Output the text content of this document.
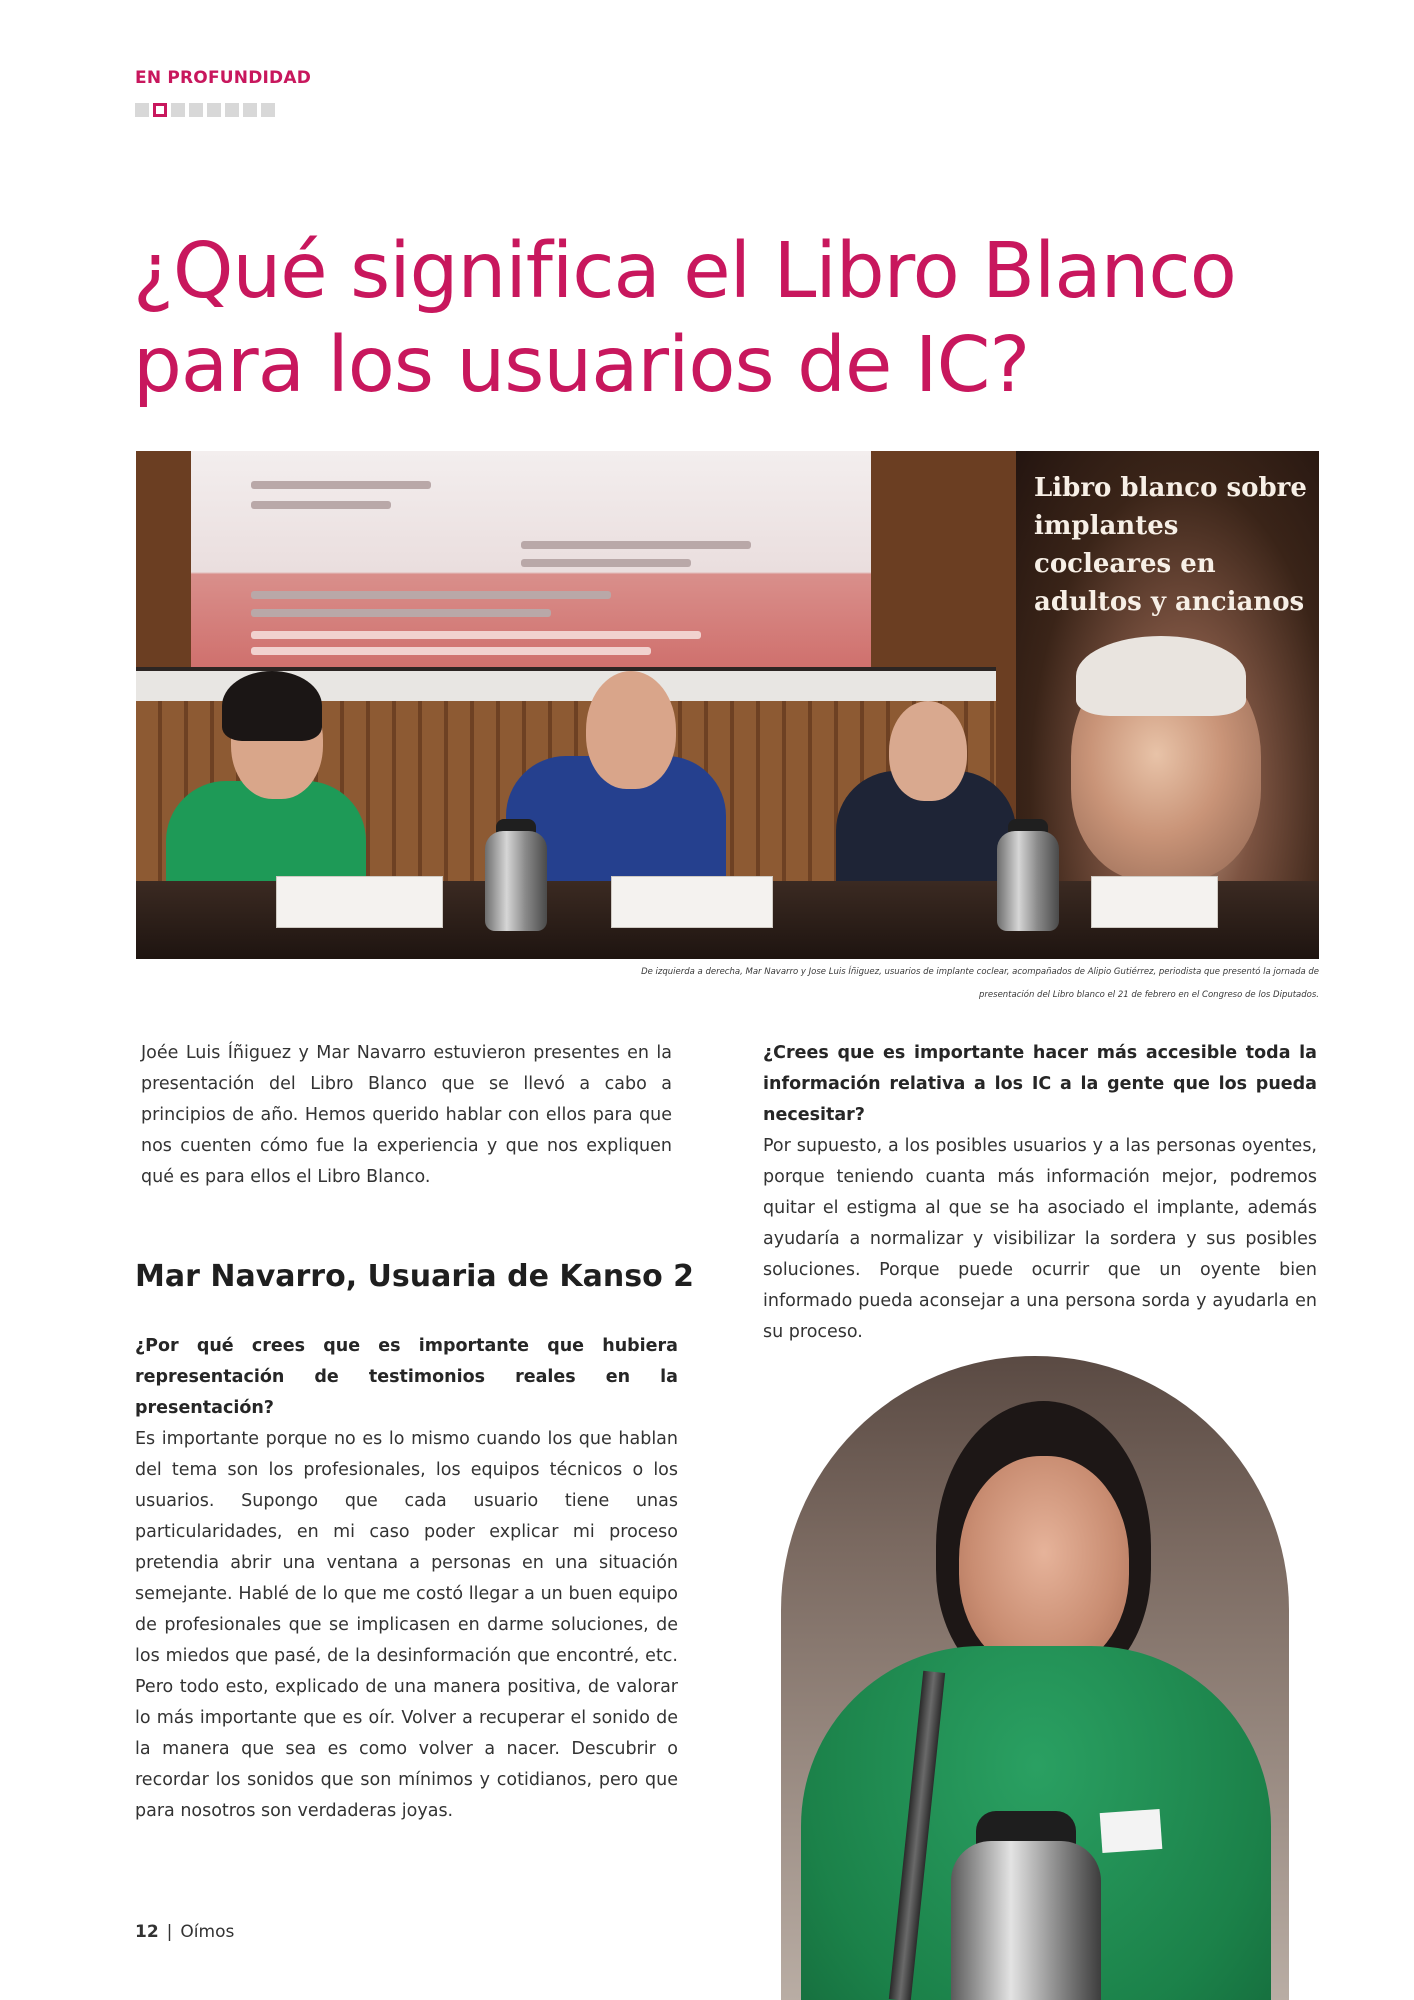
EN PROFUNDIDAD
¿Qué significa el Libro Blanco
para los usuarios de IC?
Libro blanco sobre implantes cocleares en adultos y ancianos

De izquierda a derecha, Mar Navarro y Jose Luis Íñiguez, usuarios de implante coclear, acompañados de Alipio Gutiérrez, periodista que presentó la jornada de
presentación del Libro blanco el 21 de febrero en el Congreso de los Diputados.

Joée Luis Íñiguez y Mar Navarro estuvieron presentes en la presentación del Libro Blanco que se llevó a cabo a principios de año. Hemos querido hablar con ellos para que nos cuenten cómo fue la experiencia y que nos expliquen qué es para ellos el Libro Blanco.

¿Crees que es importante hacer más accesible toda la información relativa a los IC a la gente que los pueda necesitar?

Por supuesto, a los posibles usuarios y a las personas oyentes, porque teniendo cuanta más información mejor, podremos quitar el estigma al que se ha asociado el implante, además ayudaría a normalizar y visibilizar la sordera y sus posibles soluciones. Porque puede ocurrir que un oyente bien informado pueda aconsejar a una persona sorda y ayudarla en su proceso.

Mar Navarro, Usuaria de Kanso 2

¿Por qué crees que es importante que hubiera representación de testimonios reales en la presentación?

Es importante porque no es lo mismo cuando los que hablan del tema son los profesionales, los equipos técnicos o los usuarios. Supongo que cada usuario tiene unas particularidades, en mi caso poder explicar mi proceso pretendia abrir una ventana a personas en una situación semejante. Hablé de lo que me costó llegar a un buen equipo de profesionales que se implicasen en darme soluciones, de los miedos que pasé, de la desinformación que encontré, etc. Pero todo esto, explicado de una manera positiva, de valorar lo más importante que es oír. Volver a recuperar el sonido de la manera que sea es como volver a nacer. Descubrir o recordar los sonidos que son mínimos y cotidianos, pero que para nosotros son verdaderas joyas.

12 | Oímos
